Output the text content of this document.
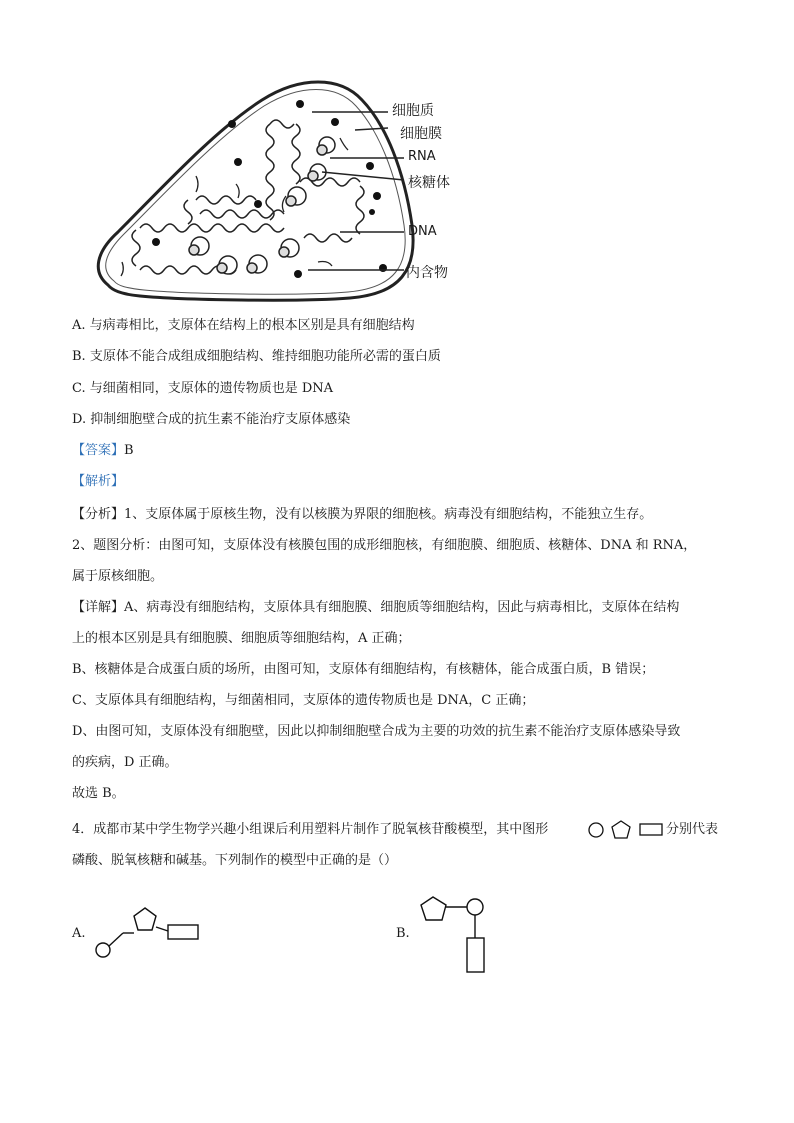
细胞质
细胞膜
RNA
核糖体
DNA
内含物
A. 与病毒相比，支原体在结构上的根本区别是具有细胞结构
B. 支原体不能合成组成细胞结构、维持细胞功能所必需的蛋白质
C. 与细菌相同，支原体的遗传物质也是 DNA
D. 抑制细胞壁合成的抗生素不能治疗支原体感染
【答案】B
【解析】
【分析】1、支原体属于原核生物，没有以核膜为界限的细胞核。病毒没有细胞结构，不能独立生存。
2、题图分析：由图可知，支原体没有核膜包围的成形细胞核，有细胞膜、细胞质、核糖体、DNA 和 RNA，
属于原核细胞。
【详解】A、病毒没有细胞结构，支原体具有细胞膜、细胞质等细胞结构，因此与病毒相比，支原体在结构
上的根本区别是具有细胞膜、细胞质等细胞结构，A 正确；
B、核糖体是合成蛋白质的场所，由图可知，支原体有细胞结构，有核糖体，能合成蛋白质，B 错误；
C、支原体具有细胞结构，与细菌相同，支原体的遗传物质也是 DNA，C 正确；
D、由图可知，支原体没有细胞壁，因此以抑制细胞壁合成为主要的功效的抗生素不能治疗支原体感染导致
的疾病，D 正确。
故选 B。
4．成都市某中学生物学兴趣小组课后利用塑料片制作了脱氧核苷酸模型，其中图形	分别代表
磷酸、脱氧核糖和碱基。下列制作的模型中正确的是（）
A.	B.
